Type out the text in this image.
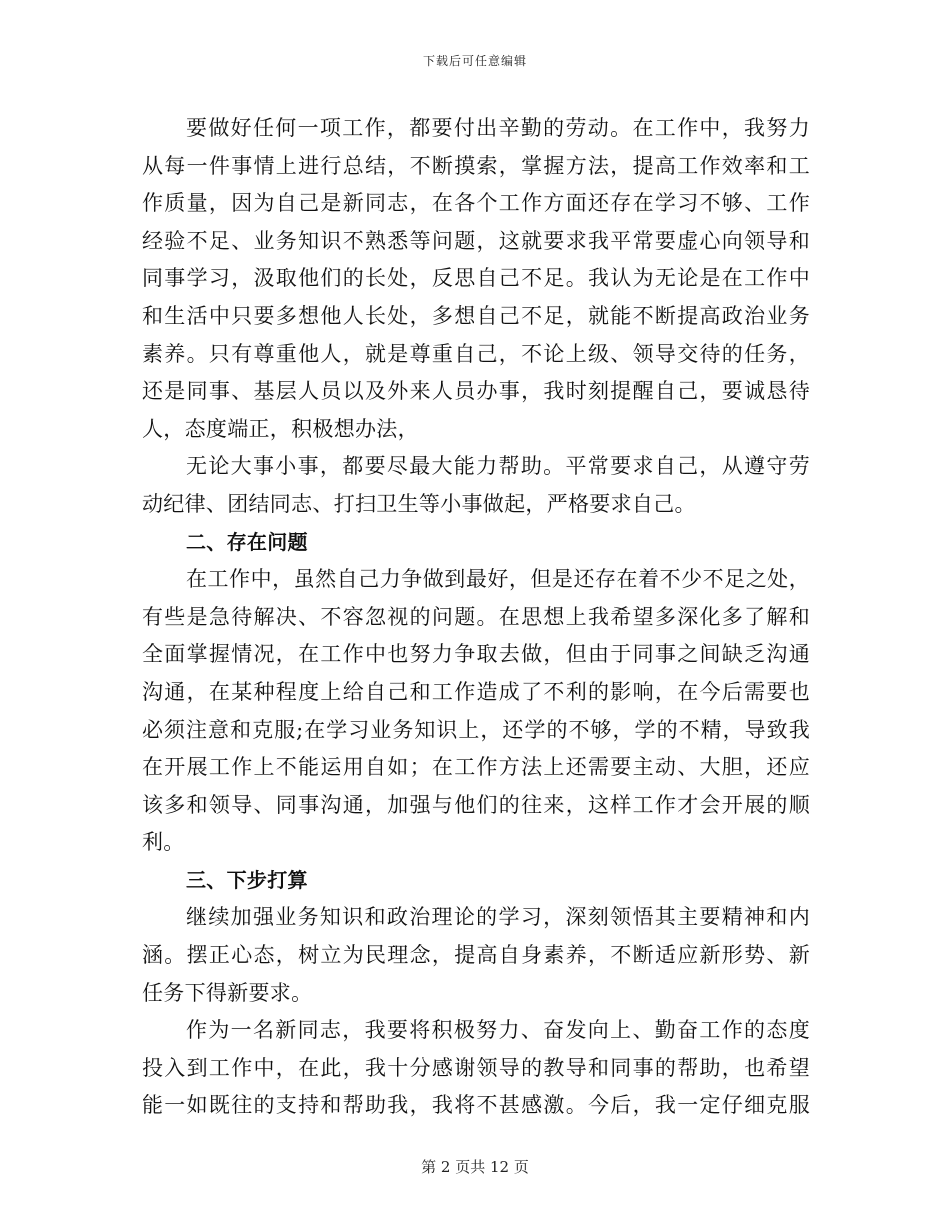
下载后可任意编辑
要做好任何一项工作，都要付出辛勤的劳动。在工作中，我努力
从每一件事情上进行总结，不断摸索，掌握方法，提高工作效率和工
作质量，因为自己是新同志，在各个工作方面还存在学习不够、工作
经验不足、业务知识不熟悉等问题，这就要求我平常要虚心向领导和
同事学习，汲取他们的长处，反思自己不足。我认为无论是在工作中
和生活中只要多想他人长处，多想自己不足，就能不断提高政治业务
素养。只有尊重他人，就是尊重自己，不论上级、领导交待的任务，
还是同事、基层人员以及外来人员办事，我时刻提醒自己，要诚恳待
人，态度端正，积极想办法，
无论大事小事，都要尽最大能力帮助。平常要求自己，从遵守劳
动纪律、团结同志、打扫卫生等小事做起，严格要求自己。
二、存在问题
在工作中，虽然自己力争做到最好，但是还存在着不少不足之处，
有些是急待解决、不容忽视的问题。在思想上我希望多深化多了解和
全面掌握情况，在工作中也努力争取去做，但由于同事之间缺乏沟通
沟通，在某种程度上给自己和工作造成了不利的影响，在今后需要也
必须注意和克服;在学习业务知识上，还学的不够，学的不精，导致我
在开展工作上不能运用自如；在工作方法上还需要主动、大胆，还应
该多和领导、同事沟通，加强与他们的往来，这样工作才会开展的顺
利。
三、下步打算
继续加强业务知识和政治理论的学习，深刻领悟其主要精神和内
涵。摆正心态，树立为民理念，提高自身素养，不断适应新形势、新
任务下得新要求。
作为一名新同志，我要将积极努力、奋发向上、勤奋工作的态度
投入到工作中，在此，我十分感谢领导的教导和同事的帮助，也希望
能一如既往的支持和帮助我，我将不甚感激。今后，我一定仔细克服
第 2 页共 12 页
